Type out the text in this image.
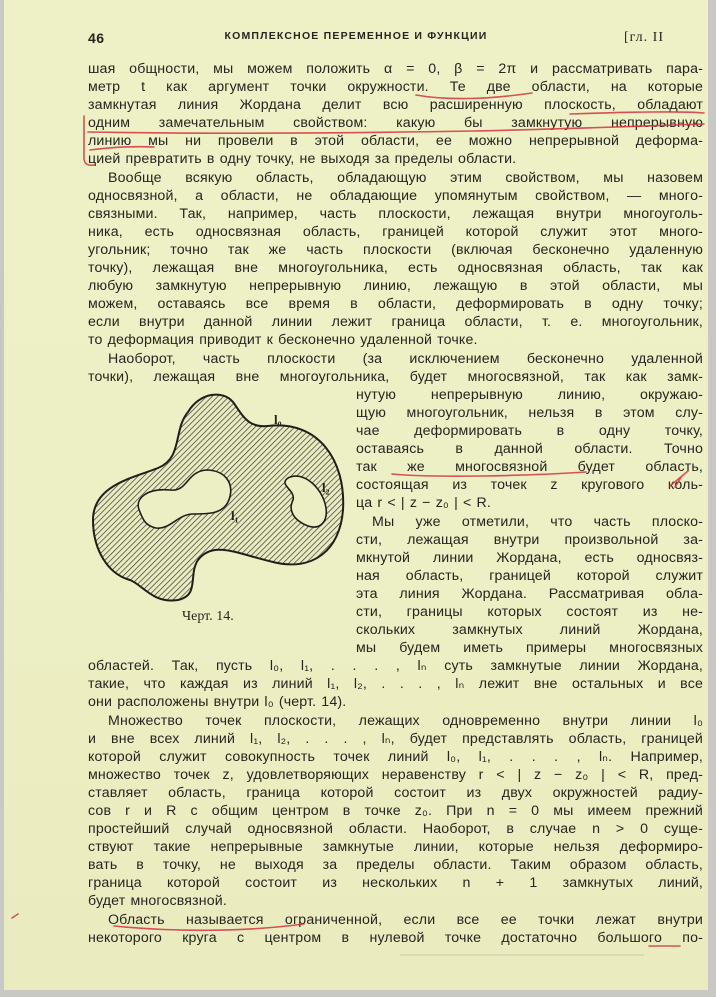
46	КОМПЛЕКСНОЕ ПЕРЕМЕННОЕ И ФУНКЦИИ	[гл. II
шая общности, мы можем положить α = 0, β = 2π и рассматривать пара-
метр t как аргумент точки окружности. Те две области, на которые
замкнутая линия Жордана делит всю расширенную плоскость, обладают
одним замечательным свойством: какую бы замкнутую непрерывную
линию мы ни провели в этой области, ее можно непрерывной деформа-
цией превратить в одну точку, не выходя за пределы области.
Вообще всякую область, обладающую этим свойством, мы назовем
односвязной, а области, не обладающие упомянутым свойством, — многo-
связными. Так, например, часть плоскости, лежащая внутри многоуголь-
ника, есть односвязная область, границей которой служит этот много-
угольник; точно так же часть плоскости (включая бесконечно удаленную
точку), лежащая вне многоугольника, есть односвязная область, так как
любую замкнутую непрерывную линию, лежащую в этой области, мы
можем, оставаясь все время в области, деформировать в одну точку;
если внутри данной линии лежит граница области, т. е. многоугольник,
то деформация приводит к бесконечно удаленной точке.
Наоборот, часть плоскости (за исключением бесконечно удаленной
точки), лежащая вне многоугольника, будет многосвязной, так как замк-
нутую непрерывную линию, окружаю-
щую многоугольник, нельзя в этом слу-
чае деформировать в одну точку,
оставаясь в данной области. Точно
так же многосвязной будет область,
состоящая из точек z кругового коль-
ца r < | z − z₀ | < R.
Мы уже отметили, что часть плоско-
сти, лежащая внутри произвольной за-
мкнутой линии Жордана, есть односвяз-
ная область, границей которой служит
эта линия Жордана. Рассматривая обла-
сти, границы которых состоят из не-
скольких замкнутых линий Жордана,
мы будем иметь примеры многосвязных
областей. Так, пусть l₀, l₁, . . . , lₙ суть замкнутые линии Жордана,
такие, что каждая из линий l₁, l₂, . . . , lₙ лежит вне остальных и все
они расположены внутри l₀ (черт. 14).
Множество точек плоскости, лежащих одновременно внутри линии l₀
и вне всех линий l₁, l₂, . . . , lₙ, будет представлять область, границей
которой служит совокупность точек линий l₀, l₁, . . . , lₙ. Например,
множество точек z, удовлетворяющих неравенству r < | z − z₀ | < R, пред-
ставляет область, граница которой состоит из двух окружностей радиу-
сов r и R с общим центром в точке z₀. При n = 0 мы имеем прежний
простейший случай односвязной области. Наоборот, в случае n > 0 суще-
ствуют такие непрерывные замкнутые линии, которые нельзя деформиро-
вать в точку, не выходя за пределы области. Таким образом область,
граница которой состоит из нескольких n + 1 замкнутых линий,
будет многосвязной.
Область называется ограниченной, если все ее точки лежат внутри
некоторого круга с центром в нулевой точке достаточно большого по-
l₀
l₁
l₂
Черт. 14.
